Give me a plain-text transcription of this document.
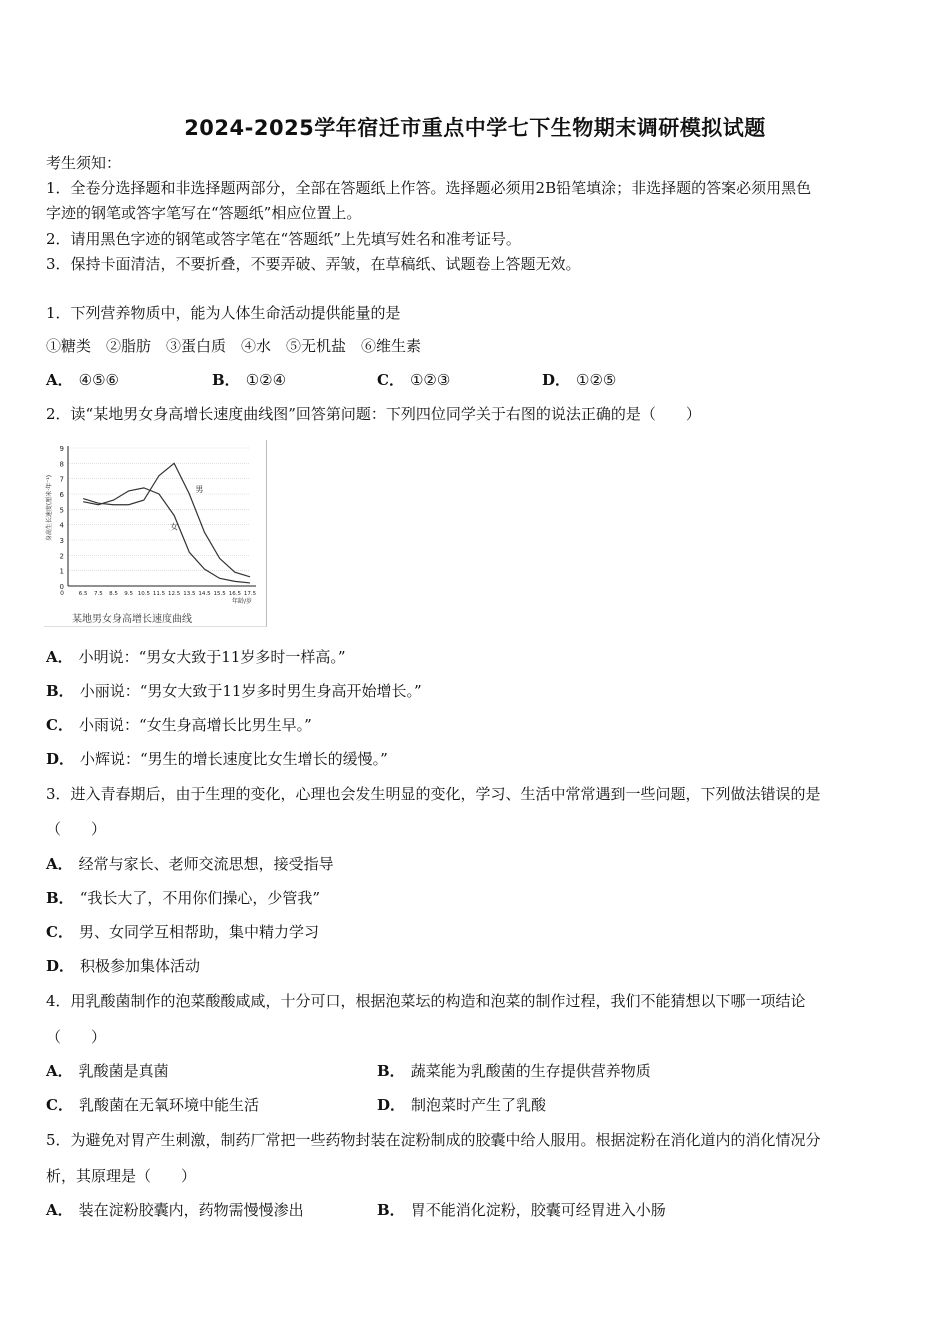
2024-2025学年宿迁市重点中学七下生物期末调研模拟试题
考生须知：
1．全卷分选择题和非选择题两部分，全部在答题纸上作答。选择题必须用2B铅笔填涂；非选择题的答案必须用黑色
字迹的钢笔或答字笔写在“答题纸”相应位置上。
2．请用黑色字迹的钢笔或答字笔在“答题纸”上先填写姓名和准考证号。
3．保持卡面清洁，不要折叠，不要弄破、弄皱，在草稿纸、试题卷上答题无效。
1．下列营养物质中，能为人体生命活动提供能量的是
①糖类　②脂肪　③蛋白质　④水　⑤无机盐　⑥维生素
A． ④⑤⑥	B． ①②④	C． ①②③	D． ①②⑤
2．读“某地男女身高增长速度曲线图”回答第问题：下列四位同学关于右图的说法正确的是（　　）
0
1
2
3
4
5
6
7
8
9
0	6.5 7.5 8.5 9.5 10.5 11.5 12.5 13.5 14.5 15.5 16.5 17.5
年龄/岁
身高生长速度(厘米·年⁻¹)	男
女
某地男女身高增长速度曲线
A． 小明说：“男女大致于11岁多时一样高。”
B． 小丽说：“男女大致于11岁多时男生身高开始增长。”
C． 小雨说：“女生身高增长比男生早。”
D． 小辉说：“男生的增长速度比女生增长的缓慢。”
3．进入青春期后，由于生理的变化，心理也会发生明显的变化，学习、生活中常常遇到一些问题，下列做法错误的是
（　　）
A． 经常与家长、老师交流思想，接受指导
B． “我长大了，不用你们操心，少管我”
C． 男、女同学互相帮助，集中精力学习
D． 积极参加集体活动
4．用乳酸菌制作的泡菜酸酸咸咸，十分可口，根据泡菜坛的构造和泡菜的制作过程，我们不能猜想以下哪一项结论
（　　）
A． 乳酸菌是真菌	B． 蔬菜能为乳酸菌的生存提供营养物质
C． 乳酸菌在无氧环境中能生活	D． 制泡菜时产生了乳酸
5．为避免对胃产生刺激，制药厂常把一些药物封装在淀粉制成的胶囊中给人服用。根据淀粉在消化道内的消化情况分
析，其原理是（　　）
A． 装在淀粉胶囊内，药物需慢慢渗出	B． 胃不能消化淀粉，胶囊可经胃进入小肠
